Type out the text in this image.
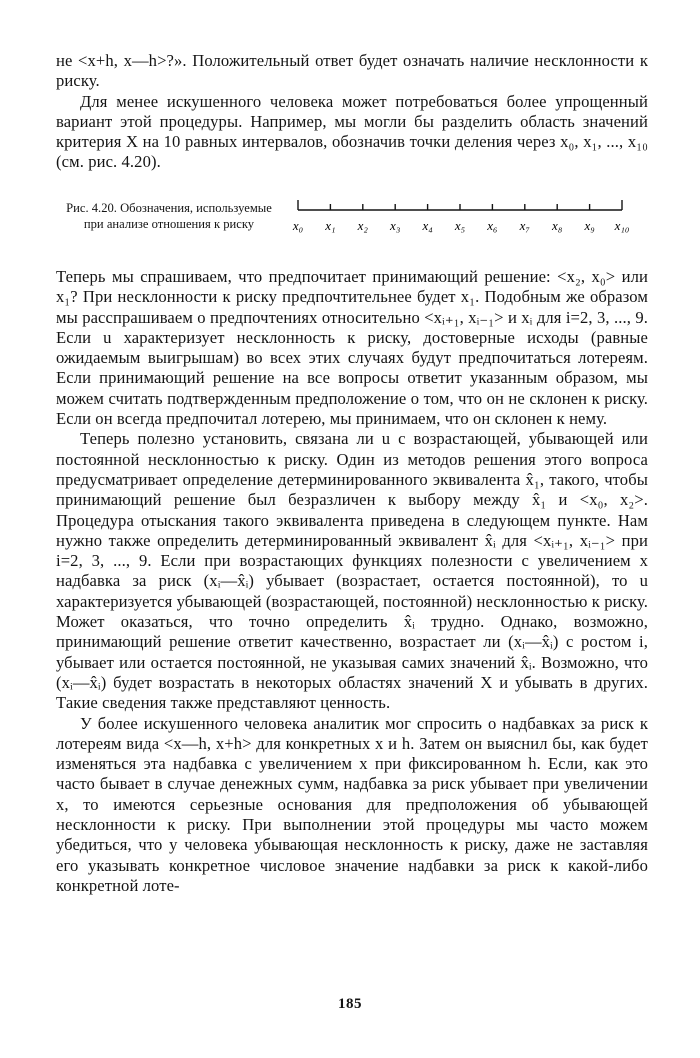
не <x+h, x—h>?». Положительный ответ будет означать наличие несклонности к риску.

Для менее искушенного человека может потребоваться более упрощенный вариант этой процедуры. Например, мы могли бы разделить область значений критерия X на 10 равных интервалов, обозначив точки деления через x₀, x₁, ..., x₁₀ (см. рис. 4.20).

Рис. 4.20. Обозначения, используемые при анализе отношения к риску	x₀ x₁ x₂ x₃ x₄ x₅ x₆ x₇ x₈ x₉ x₁₀

Теперь мы спрашиваем, что предпочитает принимающий решение: <x₂, x₀> или x₁? При несклонности к риску предпочтительнее будет x₁. Подобным же образом мы расспрашиваем о предпочтениях относительно <xᵢ₊₁, xᵢ₋₁> и xᵢ для i=2, 3, ..., 9. Если u характеризует несклонность к риску, достоверные исходы (равные ожидаемым выигрышам) во всех этих случаях будут предпочитаться лотереям. Если принимающий решение на все вопросы ответит указанным образом, мы можем считать подтвержденным предположение о том, что он не склонен к риску. Если он всегда предпочитал лотерею, мы принимаем, что он склонен к нему.

Теперь полезно установить, связана ли u с возрастающей, убывающей или постоянной несклонностью к риску. Один из методов решения этого вопроса предусматривает определение детерминированного эквивалента x̂₁, такого, чтобы принимающий решение был безразличен к выбору между x̂₁ и <x₀, x₂>. Процедура отыскания такого эквивалента приведена в следующем пункте. Нам нужно также определить детерминированный эквивалент x̂ᵢ для <xᵢ₊₁, xᵢ₋₁> при i=2, 3, ..., 9. Если при возрастающих функциях полезности с увеличением x надбавка за риск (xᵢ—x̂ᵢ) убывает (возрастает, остается постоянной), то u характеризуется убывающей (возрастающей, постоянной) несклонностью к риску. Может оказаться, что точно определить x̂ᵢ трудно. Однако, возможно, принимающий решение ответит качественно, возрастает ли (xᵢ—x̂ᵢ) с ростом i, убывает или остается постоянной, не указывая самих значений x̂ᵢ. Возможно, что (xᵢ—x̂ᵢ) будет возрастать в некоторых областях значений X и убывать в других. Такие сведения также представляют ценность.

У более искушенного человека аналитик мог спросить о надбавках за риск к лотереям вида <x—h, x+h> для конкретных x и h. Затем он выяснил бы, как будет изменяться эта надбавка с увеличением x при фиксированном h. Если, как это часто бывает в случае денежных сумм, надбавка за риск убывает при увеличении x, то имеются серьезные основания для предположения об убывающей несклонности к риску. При выполнении этой процедуры мы часто можем убедиться, что у человека убывающая несклонность к риску, даже не заставляя его указывать конкретное числовое значение надбавки за риск к какой-либо конкретной лоте-

185
